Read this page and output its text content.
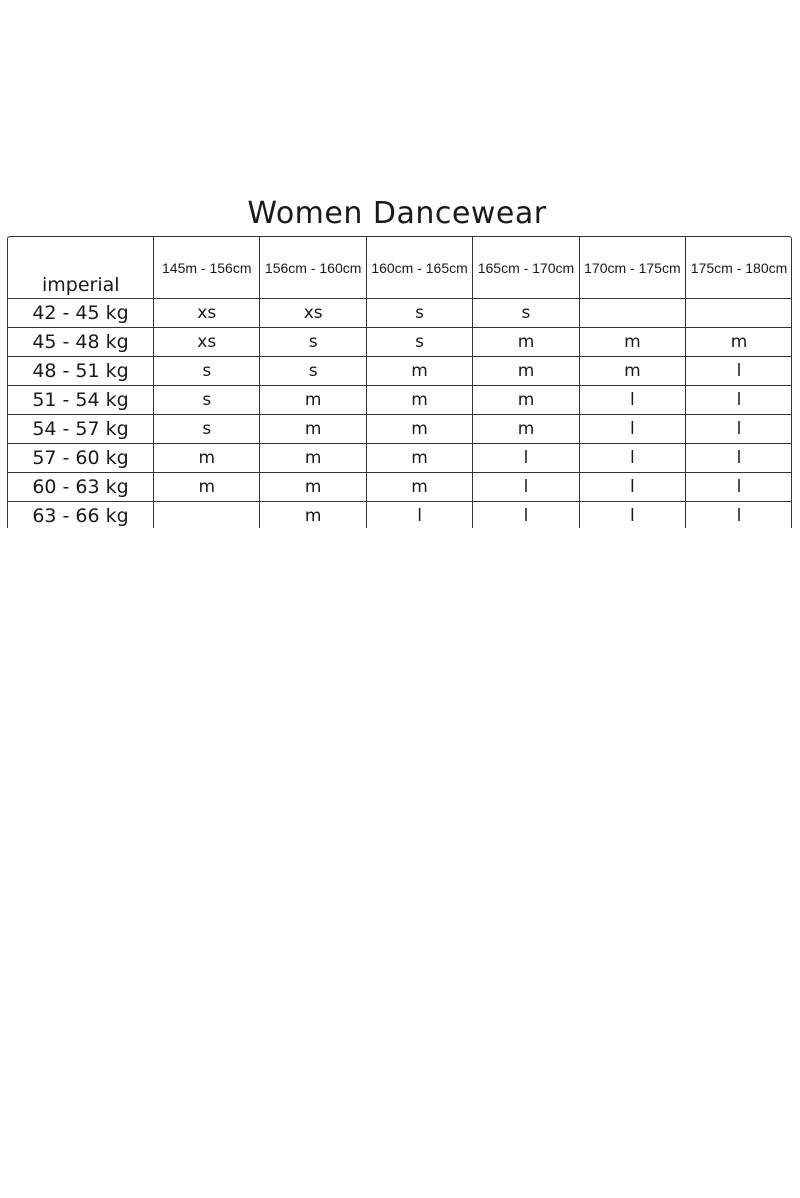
Women Dancewear
imperial	145m - 156cm	156cm - 160cm	160cm - 165cm	165cm - 170cm	170cm - 175cm	175cm - 180cm
42 - 45 kg	xs	xs	s	s		
45 - 48 kg	xs	s	s	m	m	m
48 - 51 kg	s	s	m	m	m	l
51 - 54 kg	s	m	m	m	l	l
54 - 57 kg	s	m	m	m	l	l
57 - 60 kg	m	m	m	l	l	l
60 - 63 kg	m	m	m	l	l	l
63 - 66 kg		m	l	l	l	l
